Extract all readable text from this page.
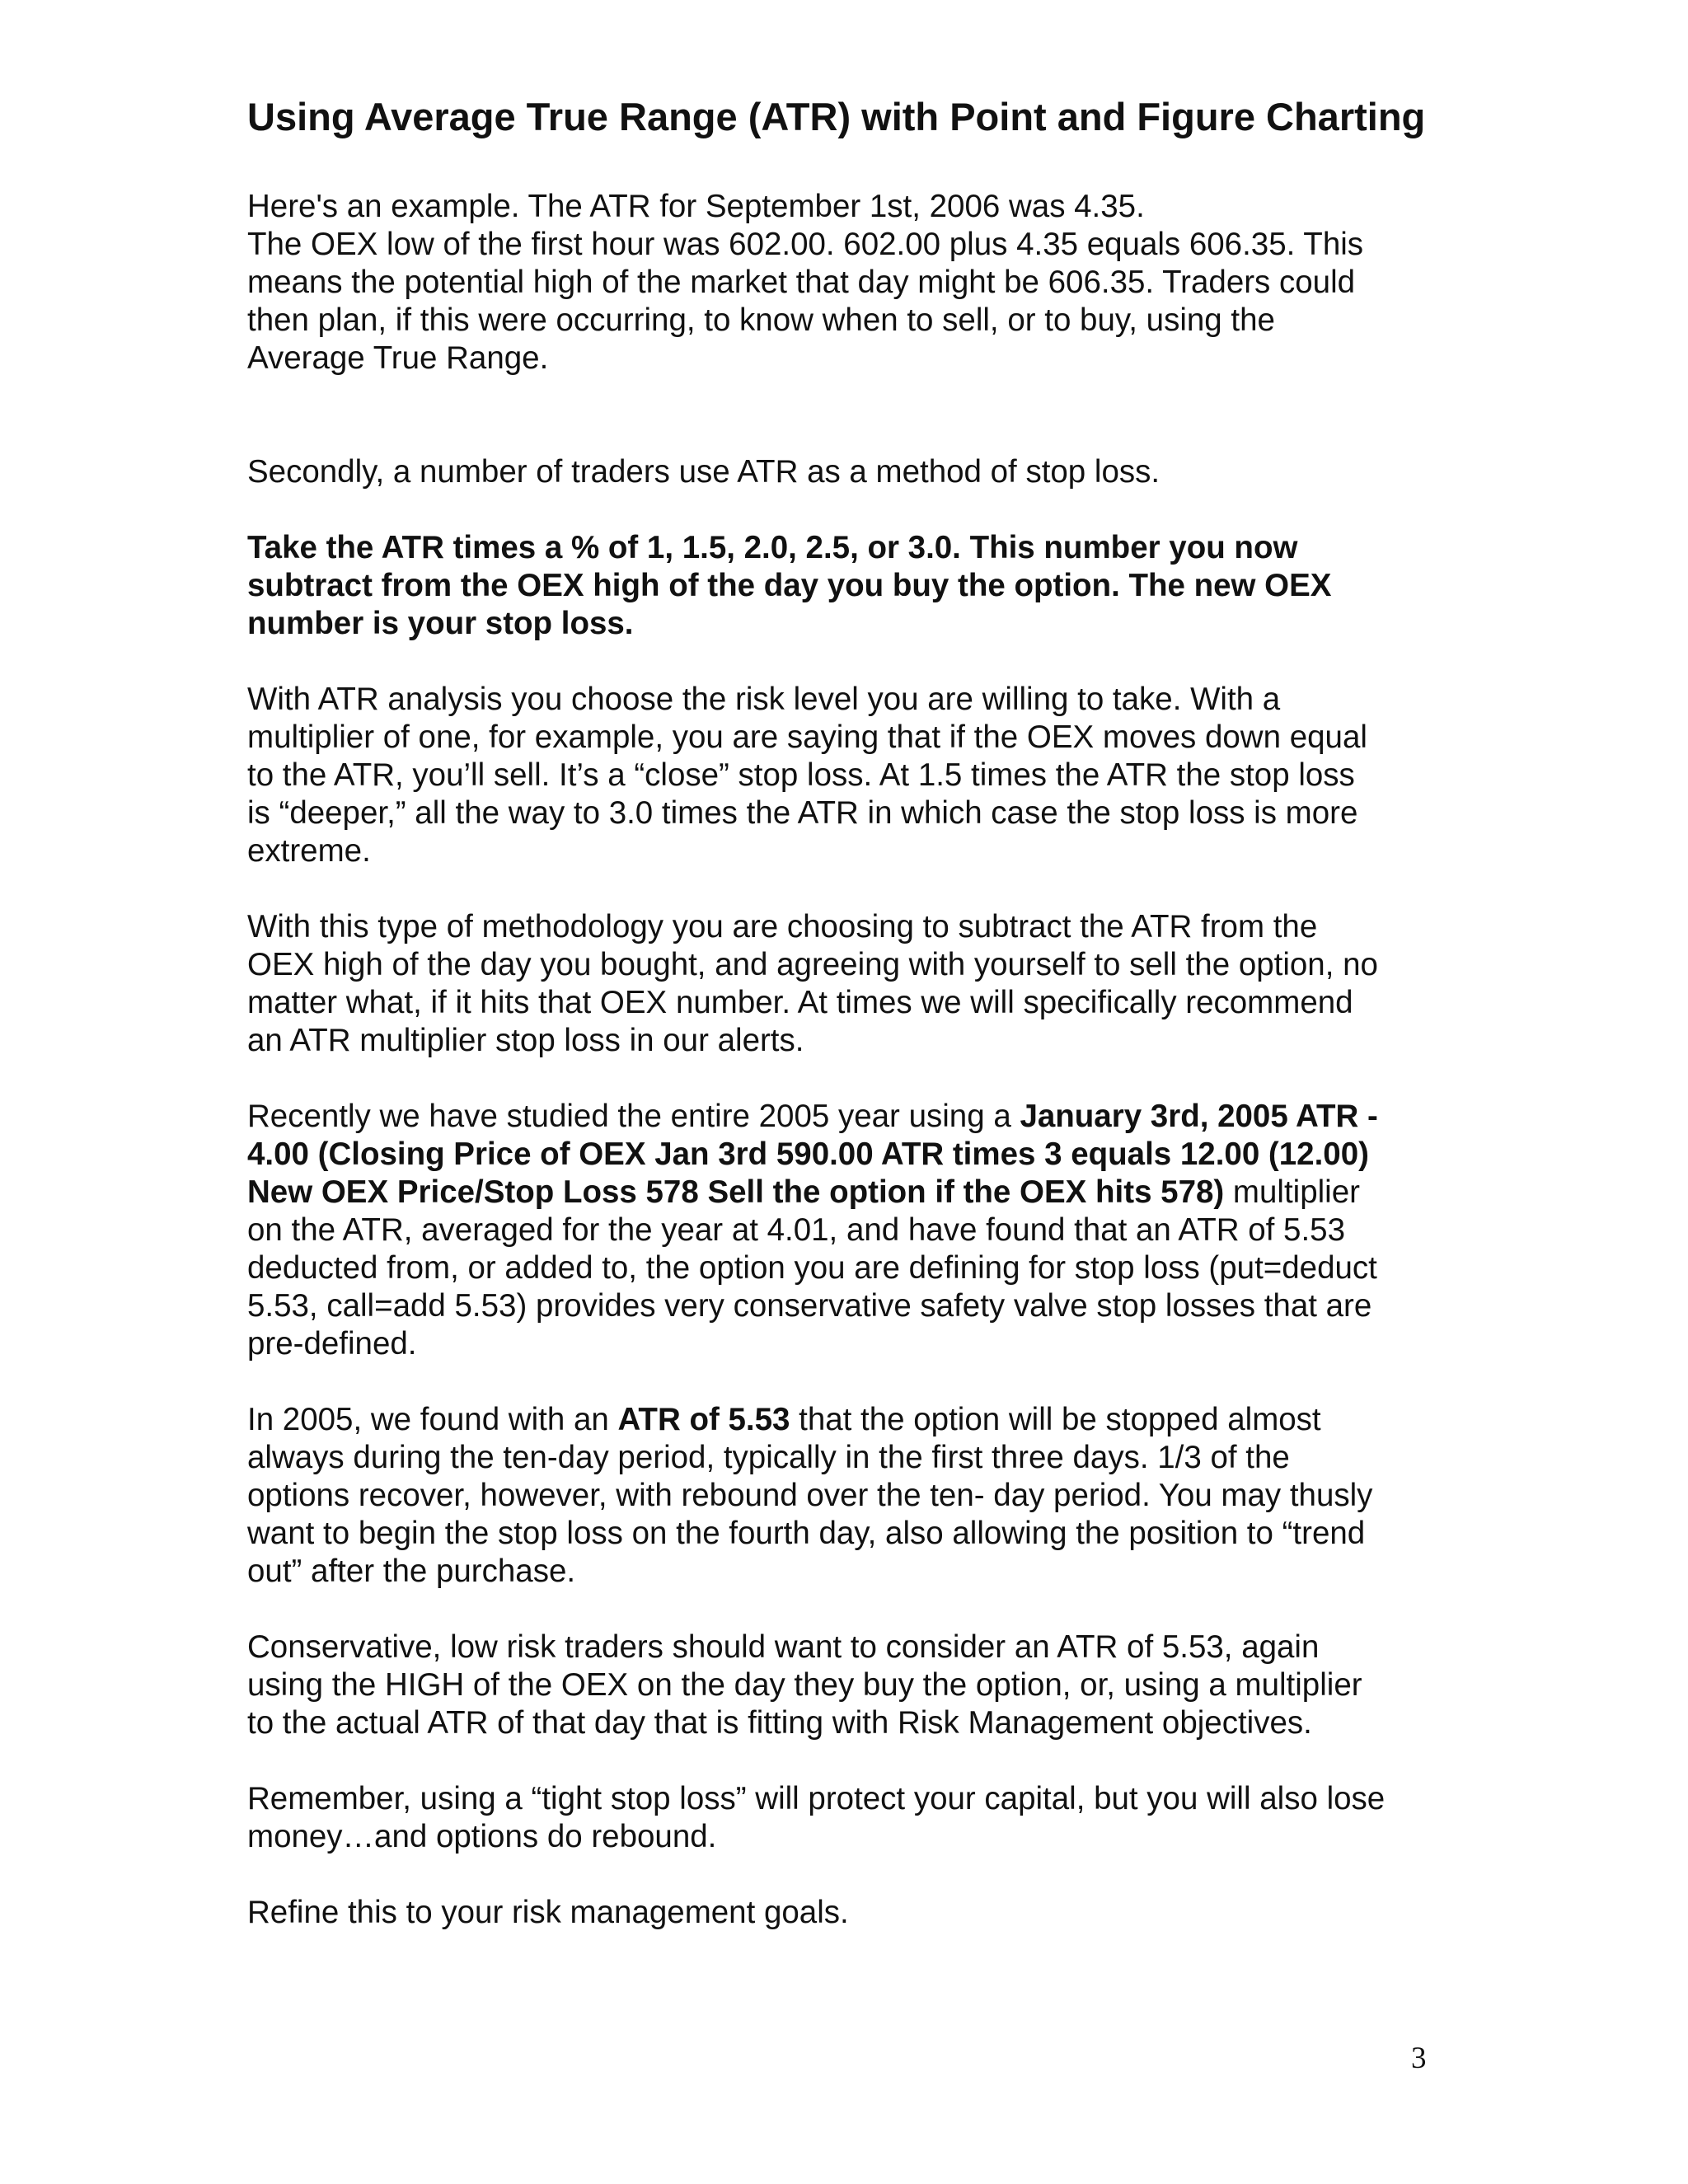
Using Average True Range (ATR) with Point and Figure Charting

Here's an example. The ATR for September 1st, 2006 was 4.35.
The OEX low of the first hour was 602.00. 602.00 plus 4.35 equals 606.35. This
means the potential high of the market that day might be 606.35. Traders could
then plan, if this were occurring, to know when to sell, or to buy, using the
Average True Range.

Secondly, a number of traders use ATR as a method of stop loss.

Take the ATR times a % of 1, 1.5, 2.0, 2.5, or 3.0. This number you now
subtract from the OEX high of the day you buy the option. The new OEX
number is your stop loss.

With ATR analysis you choose the risk level you are willing to take. With a
multiplier of one, for example, you are saying that if the OEX moves down equal
to the ATR, you’ll sell. It’s a “close” stop loss. At 1.5 times the ATR the stop loss
is “deeper,” all the way to 3.0 times the ATR in which case the stop loss is more
extreme.

With this type of methodology you are choosing to subtract the ATR from the
OEX high of the day you bought, and agreeing with yourself to sell the option, no
matter what, if it hits that OEX number. At times we will specifically recommend
an ATR multiplier stop loss in our alerts.

Recently we have studied the entire 2005 year using a January 3rd, 2005 ATR -
4.00 (Closing Price of OEX Jan 3rd 590.00 ATR times 3 equals 12.00 (12.00)
New OEX Price/Stop Loss 578 Sell the option if the OEX hits 578) multiplier
on the ATR, averaged for the year at 4.01, and have found that an ATR of 5.53
deducted from, or added to, the option you are defining for stop loss (put=deduct
5.53, call=add 5.53) provides very conservative safety valve stop losses that are
pre-defined.

In 2005, we found with an ATR of 5.53 that the option will be stopped almost
always during the ten-day period, typically in the first three days. 1/3 of the
options recover, however, with rebound over the ten- day period. You may thusly
want to begin the stop loss on the fourth day, also allowing the position to “trend
out” after the purchase.

Conservative, low risk traders should want to consider an ATR of 5.53, again
using the HIGH of the OEX on the day they buy the option, or, using a multiplier
to the actual ATR of that day that is fitting with Risk Management objectives.

Remember, using a “tight stop loss” will protect your capital, but you will also lose
money…and options do rebound.

Refine this to your risk management goals.

3
